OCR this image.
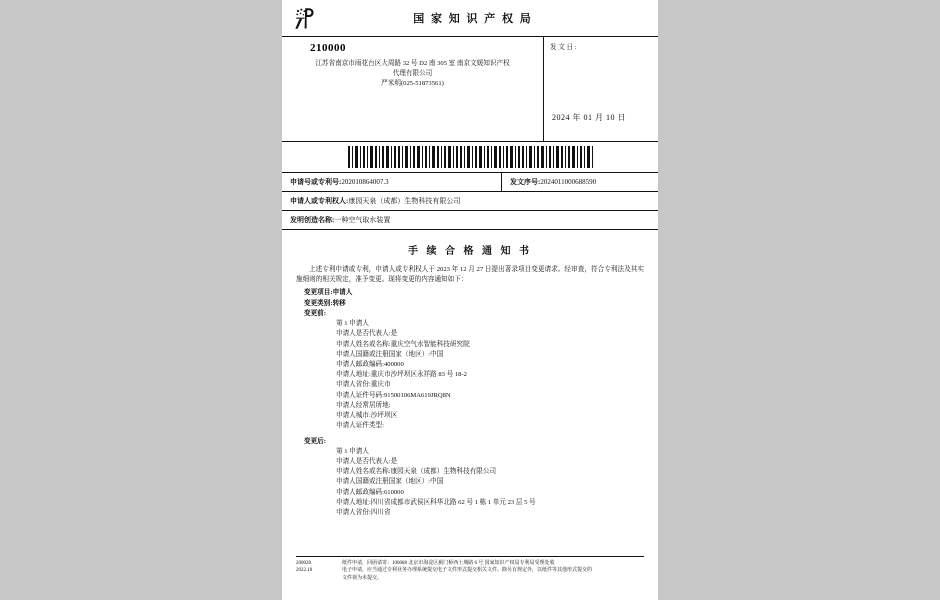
国 家 知 识 产 权 局
210000
江苏省南京市雨花台区大周路 32 号 D2 南 305 室 南京文媛知识产权
代理有限公司
严米明(025-51873561)
发 文 日 :
2024 年 01 月 10 日
申请号或专利号:202010864007.3	发文序号:2024011000688590
申请人或专利权人:康园天泉（成都）生物科技有限公司
发明创造名称:一种空气取水装置
手 续 合 格 通 知 书
上述专利申请或专利，申请人或专利权人于 2023 年 12 月 27 日提出著录项目变更请求。经审查，符合专利法及其实施细则的相关规定，准予变更。现将变更的内容通知如下：
变更项目:申请人
变更类别:转移
变更前:
第 1 申请人
申请人是否代表人:是
申请人姓名或名称:重庆空气水智能科技研究院
申请人国籍或注册国家（地区）:中国
申请人邮政编码:400000
申请人地址:重庆市沙坪坝区永祥路 83 号 18-2
申请人省份:重庆市
申请人证件号码:91500106MA619JRQ8N
申请人经常居所地:
申请人城市:沙坪坝区
申请人证件类型:
变更后:
第 1 申请人
申请人是否代表人:是
申请人姓名或名称:康园天泉（成都）生物科技有限公司
申请人国籍或注册国家（地区）:中国
申请人邮政编码:610000
申请人地址:四川省成都市武侯区科华北路 62 号 1 栋 1 单元 23 层 5 号
申请人省份:四川省
200028
2022.10
纸件申请，回函请寄：100088 北京市海淀区蓟门桥西土城路 6 号 国家知识产权局专利局受理处收
电子申请，应当通过专利业务办理系统提交电子文件形式提交相关文件。除另有规定外，以纸件等其他形式提交的
文件视为未提交。
